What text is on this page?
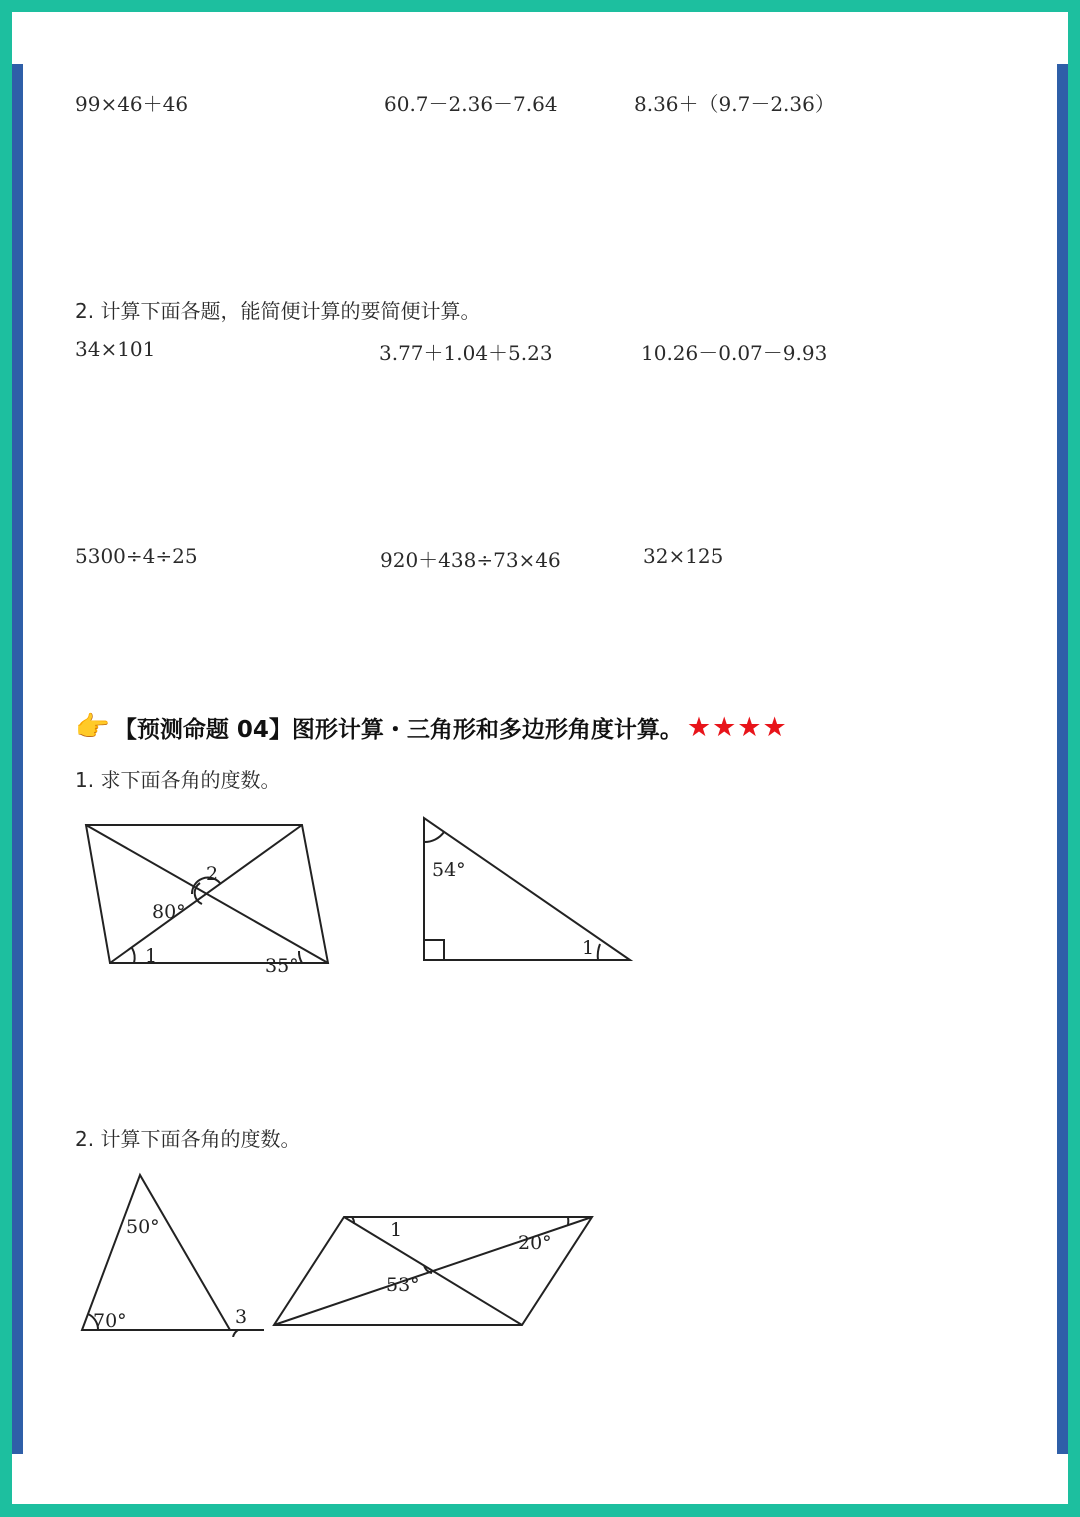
99×46＋46	60.7－2.36－7.64	8.36＋（9.7－2.36）
2. 计算下面各题，能简便计算的要简便计算。
34×101	3.77＋1.04＋5.23	10.26－0.07－9.93
5300÷4÷25	920＋438÷73×46	32×125
👉 【预测命题 04】图形计算・三角形和多边形角度计算。 ★★★★
1. 求下面各角的度数。
2
80°
1	35°
54°
1
2. 计算下面各角的度数。
50°
70°	3
1
20°
53°
